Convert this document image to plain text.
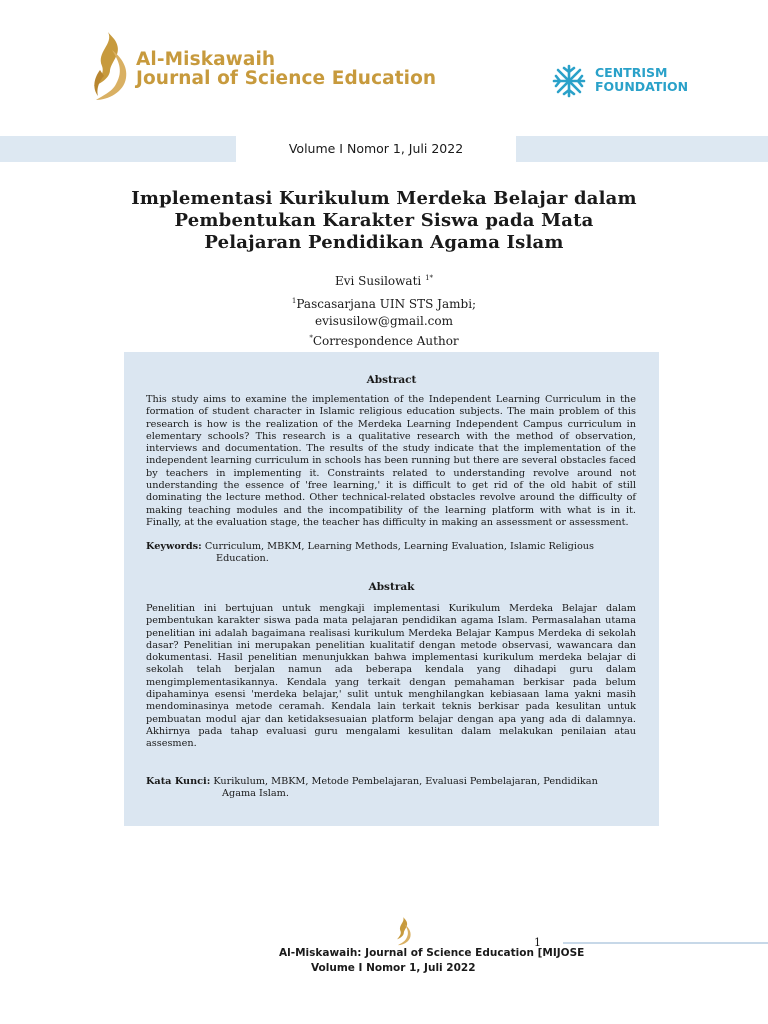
Al-Miskawaih
Journal of Science Education	CENTRISM
FOUNDATION
Volume I Nomor 1, Juli 2022
Implementasi Kurikulum Merdeka Belajar dalam
Pembentukan Karakter Siswa pada Mata
Pelajaran Pendidikan Agama Islam
Evi Susilowati $^{1*}$
$^1$Pascasarjana UIN STS Jambi;
evisusilow@gmail.com
*Correspondence Author
Abstract
This study aims to examine the implementation of the Independent Learning Curriculum in the formation of student character in Islamic religious education subjects. The main problem of this research is how is the realization of the Merdeka Learning Independent Campus curriculum in elementary schools? This research is a qualitative research with the method of observation, interviews and documentation. The results of the study indicate that the implementation of the independent learning curriculum in schools has been running but there are several obstacles faced by teachers in implementing it. Constraints related to understanding revolve around not understanding the essence of 'free learning,' it is difficult to get rid of the old habit of still dominating the lecture method. Other technical-related obstacles revolve around the difficulty of making teaching modules and the incompatibility of the learning platform with what is in it. Finally, at the evaluation stage, the teacher has difficulty in making an assessment or assessment.
Keywords: Curriculum, MBKM, Learning Methods, Learning Evaluation, Islamic Religious
Education.
Abstrak
Penelitian ini bertujuan untuk mengkaji implementasi Kurikulum Merdeka Belajar dalam pembentukan karakter siswa pada mata pelajaran pendidikan agama Islam. Permasalahan utama penelitian ini adalah bagaimana realisasi kurikulum Merdeka Belajar Kampus Merdeka di sekolah dasar? Penelitian ini merupakan penelitian kualitatif dengan metode observasi, wawancara dan dokumentasi. Hasil penelitian menunjukkan bahwa implementasi kurikulum merdeka belajar di sekolah telah berjalan namun ada beberapa kendala yang dihadapi guru dalam mengimplementasikannya. Kendala yang terkait dengan pemahaman berkisar pada belum dipahaminya esensi 'merdeka belajar,' sulit untuk menghilangkan kebiasaan lama yakni masih mendominasinya metode ceramah. Kendala lain terkait teknis berkisar pada kesulitan untuk pembuatan modul ajar dan ketidaksesuaian platform belajar dengan apa yang ada di dalamnya. Akhirnya pada tahap evaluasi guru mengalami kesulitan dalam melakukan penilaian atau assesmen.
Kata Kunci: Kurikulum, MBKM, Metode Pembelajaran, Evaluasi Pembelajaran, Pendidikan
Agama Islam.
1
Al-Miskawaih: Journal of Science Education [MIJOSE
Volume I Nomor 1, Juli 2022
